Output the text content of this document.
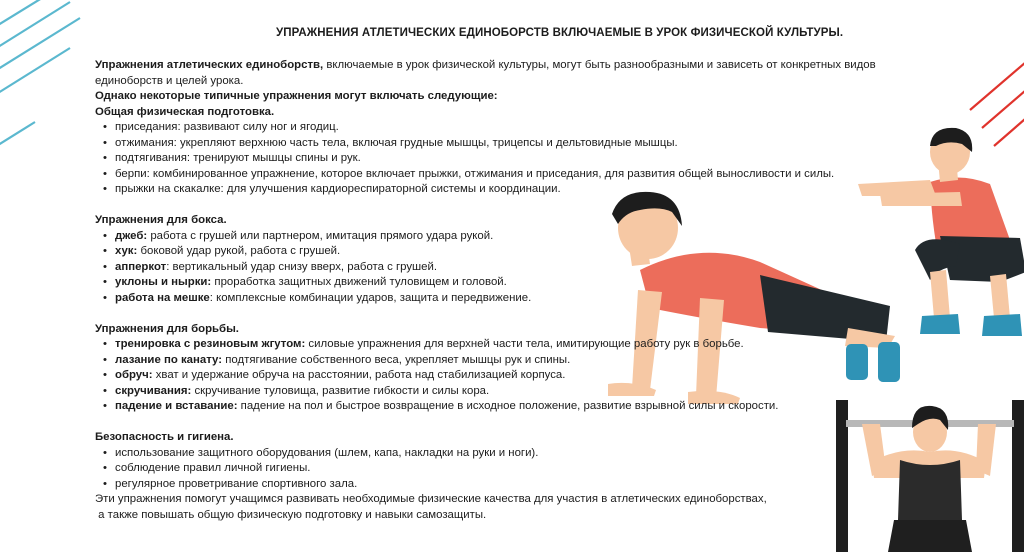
УПРАЖНЕНИЯ АТЛЕТИЧЕСКИХ ЕДИНОБОРСТВ ВКЛЮЧАЕМЫЕ В УРОК ФИЗИЧЕСКОЙ КУЛЬТУРЫ.

Упражнения атлетических единоборств, включаемые в урок физической культуры, могут быть разнообразными и зависеть от конкретных видов
единоборств и целей урока.

Однако некоторые типичные упражнения могут включать следующие:

Общая физическая подготовка.

• приседания: развивают силу ног и ягодиц.
• отжимания: укрепляют верхнюю часть тела, включая грудные мышцы, трицепсы и дельтовидные мышцы.
• подтягивания: тренируют мышцы спины и рук.
• берпи: комбинированное упражнение, которое включает прыжки, отжимания и приседания, для развития общей выносливости и силы.
• прыжки на скакалке: для улучшения кардиореспираторной системы и координации.

Упражнения для бокса.

• джеб: работа с грушей или партнером, имитация прямого удара рукой.
• хук: боковой удар рукой, работа с грушей.
• апперкот: вертикальный удар снизу вверх, работа с грушей.
• уклоны и нырки: проработка защитных движений туловищем и головой.
• работа на мешке: комплексные комбинации ударов, защита и передвижение.

Упражнения для борьбы.

• тренировка с резиновым жгутом: силовые упражнения для верхней части тела, имитирующие работу рук в борьбе.
• лазание по канату: подтягивание собственного веса, укрепляет мышцы рук и спины.
• обруч: хват и удержание обруча на расстоянии, работа над стабилизацией корпуса.
• скручивания: скручивание туловища, развитие гибкости и силы кора.
• падение и вставание: падение на пол и быстрое возвращение в исходное положение, развитие взрывной силы и скорости.

Безопасность и гигиена.

• использование защитного оборудования (шлем, капа, накладки на руки и ноги).
• соблюдение правил личной гигиены.
• регулярное проветривание спортивного зала.

Эти упражнения помогут учащимся развивать необходимые физические качества для участия в атлетических единоборствах,

а также повышать общую физическую подготовку и навыки самозащиты.
